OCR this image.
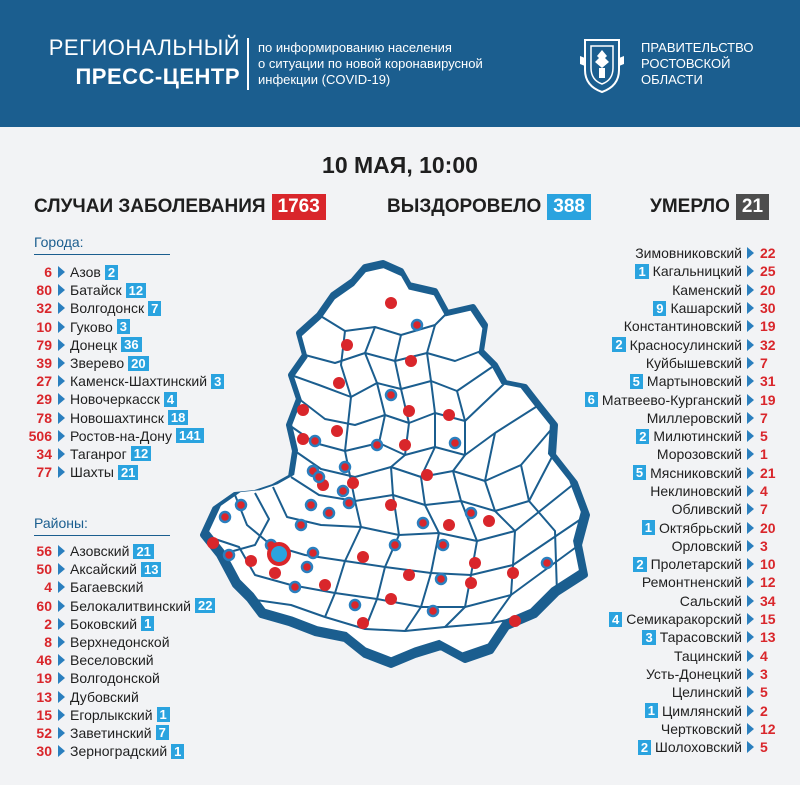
РЕГИОНАЛЬНЫЙ
ПРЕСС-ЦЕНТР
по информированию населения
о ситуации по новой коронавирусной
инфекции (COVID-19)
ПРАВИТЕЛЬСТВО
РОСТОВСКОЙ
ОБЛАСТИ
10 МАЯ, 10:00
СЛУЧАИ ЗАБОЛЕВАНИЯ 1763	ВЫЗДОРОВЕЛО 388	УМЕРЛО 21
Города:
6 Азов 2
80 Батайск 12
32 Волгодонск 7
10 Гуково 3
79 Донецк 36
39 Зверево 20
27 Каменск-Шахтинский 3
29 Новочеркасск 4
78 Новошахтинск 18
506 Ростов-на-Дону 141
34 Таганрог 12
77 Шахты 21
Районы:
56 Азовский 21
50 Аксайский 13
4 Багаевский
60 Белокалитвинский 22
2 Боковский 1
8 Верхнедонской
46 Веселовский
19 Волгодонской
13 Дубовский
15 Егорлыкский 1
52 Заветинский 7
30 Зерноградский 1
Зимовниковский 22
1 Кагальницкий 25
Каменский 20
9 Кашарский 30
Константиновский 19
2 Красносулинский 32
Куйбышевский 7
5 Мартыновский 31
6 Матвеево-Курганский 19
Миллеровский 7
2 Милютинский 5
Морозовский 1
5 Мясниковский 21
Неклиновский 4
Обливский 7
1 Октябрьский 20
Орловский 3
2 Пролетарский 10
Ремонтненский 12
Сальский 34
4 Семикаракорский 15
3 Тарасовский 13
Тацинский 4
Усть-Донецкий 3
Целинский 5
1 Цимлянский 2
Чертковский 12
2 Шолоховский 5
